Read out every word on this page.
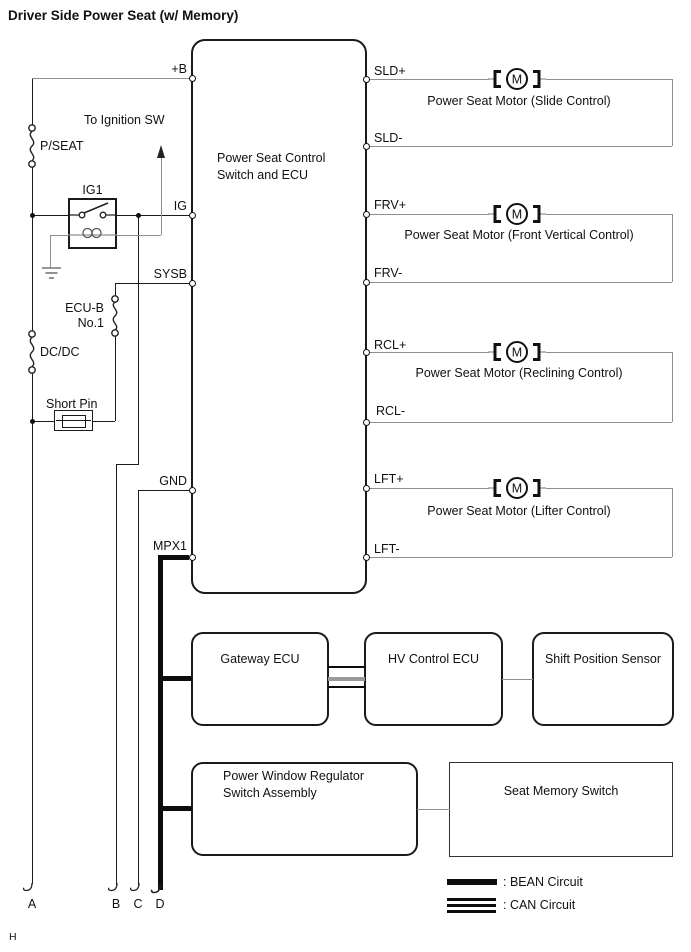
Driver Side Power Seat (w/ Memory)
Power Seat Control
Switch and ECU
Gateway ECU	HV Control ECU	Shift Position Sensor
Power Window Regulator
Switch Assembly	Seat Memory Switch
To Ignition SW
P/SEAT
IG1
ECU-B
No.1
DC/DC
Short Pin
+B
IG
SYSB
GND
MPX1
M
SLD+
SLD-
Power Seat Motor (Slide Control)
M
FRV+
FRV-
Power Seat Motor (Front Vertical Control)
M
RCL+
RCL-
Power Seat Motor (Reclining Control)
M
LFT+
LFT-
Power Seat Motor (Lifter Control)
A	B	C D
: BEAN Circuit
: CAN Circuit
H
